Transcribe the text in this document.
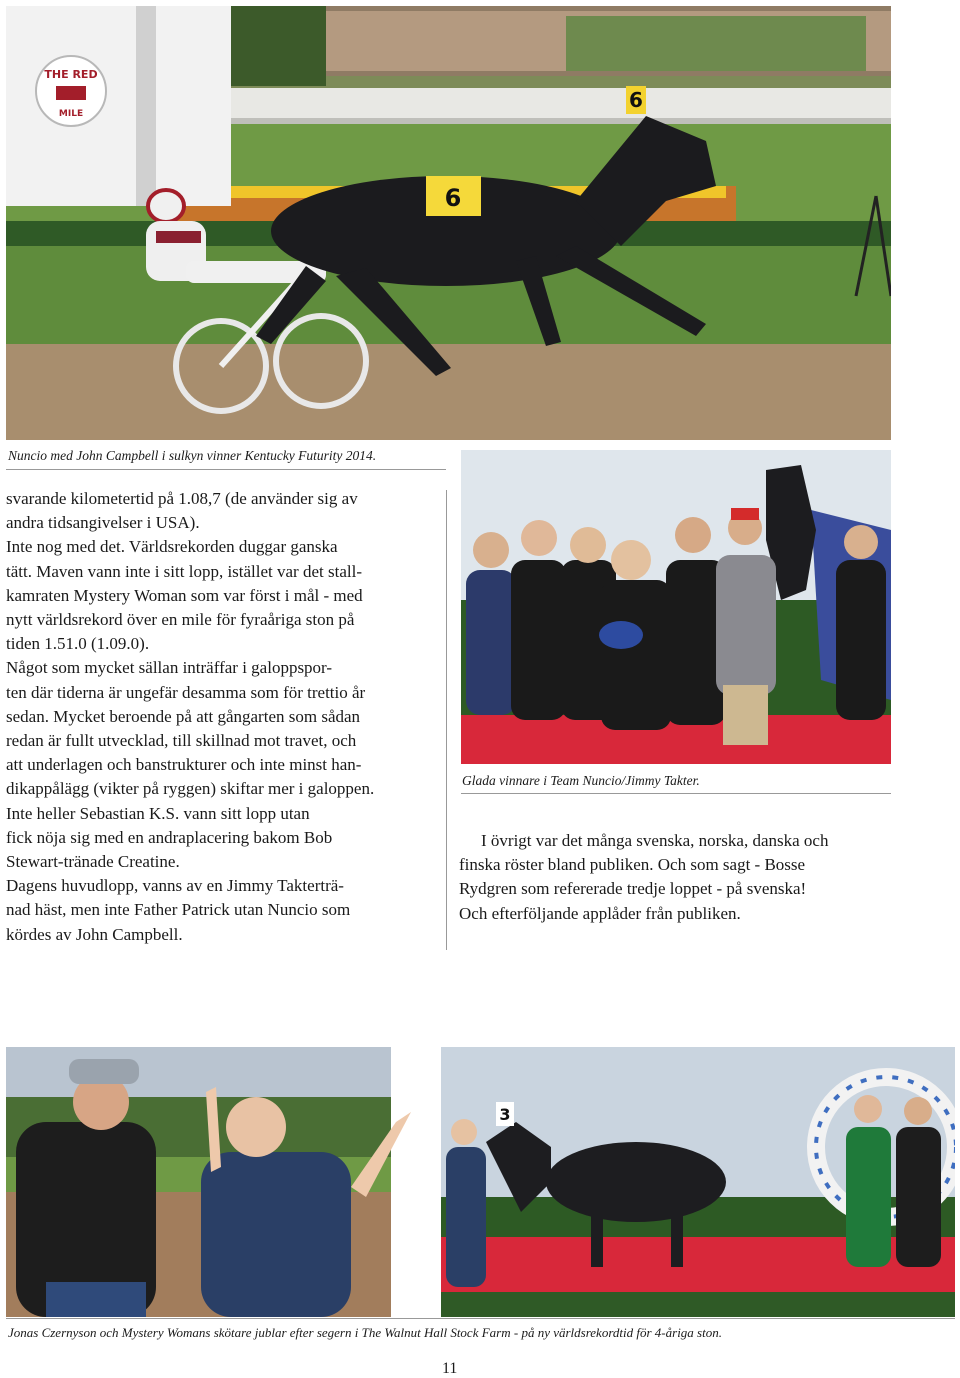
THE RED
MILE
6
6
Nuncio med John Campbell i sulkyn vinner Kentucky Futurity 2014.

svarande kilometertid på 1.08,7 (de använder sig av

andra tidsangivelser i USA).

Inte nog med det. Världsrekorden duggar ganska

tätt. Maven vann inte i sitt lopp, istället var det stall-

kamraten Mystery Woman som var först i mål - med

nytt världsrekord över en mile för fyraåriga ston på

tiden 1.51.0 (1.09.0).

Något som mycket sällan inträffar i galoppspor-

ten där tiderna är ungefär desamma som för trettio år

sedan. Mycket beroende på att gångarten som sådan

redan är fullt utvecklad, till skillnad mot travet, och

att underlagen och banstrukturer och inte minst han-

dikappålägg (vikter på ryggen) skiftar mer i galoppen.

Inte heller Sebastian K.S. vann sitt lopp utan

fick nöja sig med en andraplacering bakom Bob

Stewart-tränade Creatine.

Dagens huvudlopp, vanns av en Jimmy Takterträ-

nad häst, men inte Father Patrick utan Nuncio som

kördes av John Campbell.

Glada vinnare i Team Nuncio/Jimmy Takter.

I övrigt var det många svenska, norska, danska och

finska röster bland publiken. Och som sagt - Bosse

Rydgren som refererade tredje loppet - på svenska!

Och efterföljande applåder från publiken.

3
Jonas Czernyson och Mystery Womans skötare jublar efter segern i The Walnut Hall Stock Farm - på ny världsrekordtid för 4-åriga ston.
11
